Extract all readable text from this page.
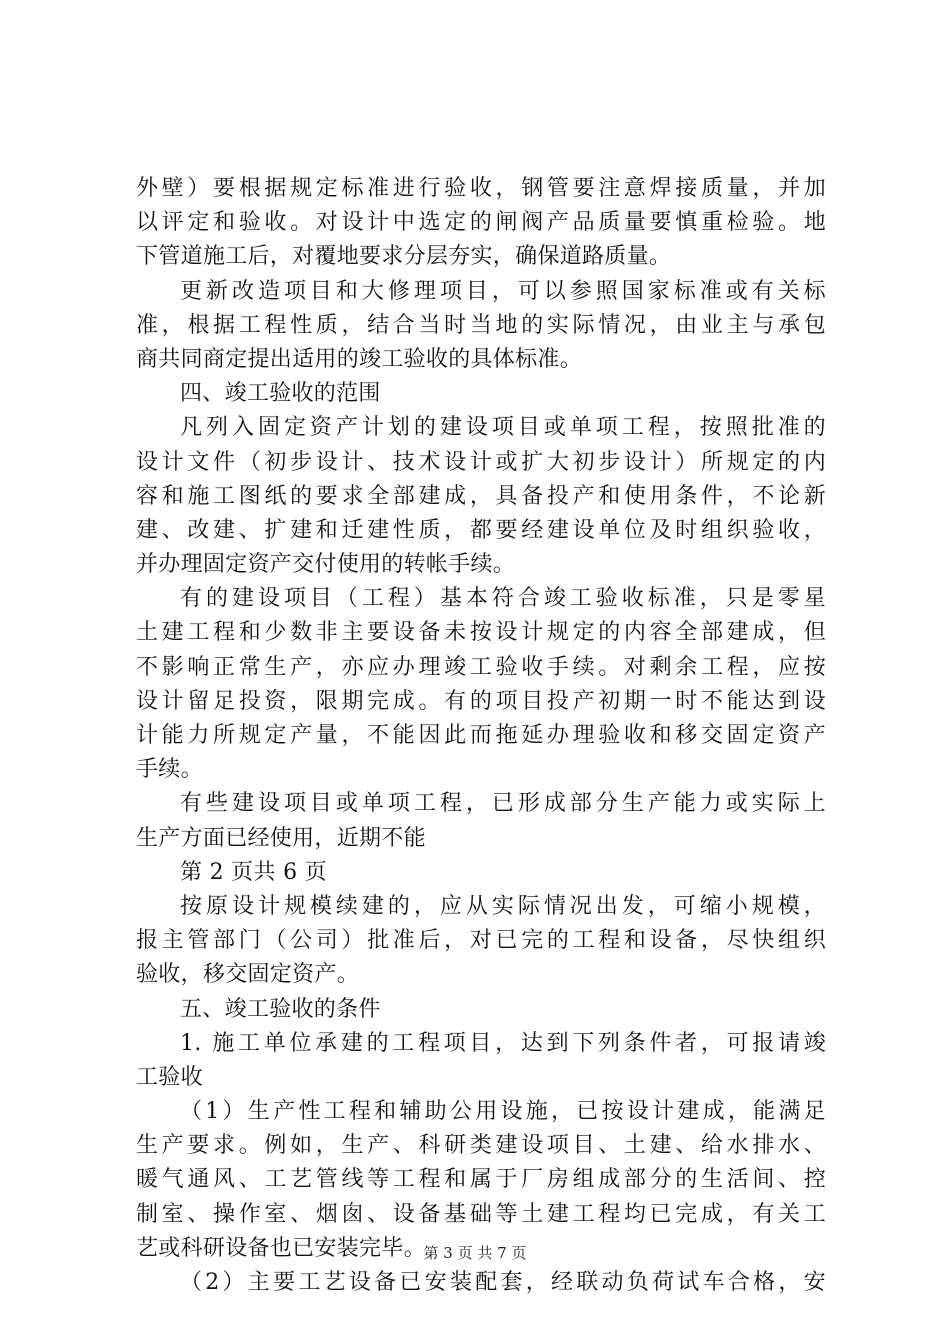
外壁）要根据规定标准进行验收，钢管要注意焊接质量，并加
以评定和验收。对设计中选定的闸阀产品质量要慎重检验。地
下管道施工后，对覆地要求分层夯实，确保道路质量。
更新改造项目和大修理项目，可以参照国家标准或有关标
准，根据工程性质，结合当时当地的实际情况，由业主与承包
商共同商定提出适用的竣工验收的具体标准。
四、竣工验收的范围
凡列入固定资产计划的建设项目或单项工程，按照批准的
设计文件（初步设计、技术设计或扩大初步设计）所规定的内
容和施工图纸的要求全部建成，具备投产和使用条件，不论新
建、改建、扩建和迁建性质，都要经建设单位及时组织验收，
并办理固定资产交付使用的转帐手续。
有的建设项目（工程）基本符合竣工验收标准，只是零星
土建工程和少数非主要设备未按设计规定的内容全部建成，但
不影响正常生产，亦应办理竣工验收手续。对剩余工程，应按
设计留足投资，限期完成。有的项目投产初期一时不能达到设
计能力所规定产量，不能因此而拖延办理验收和移交固定资产
手续。
有些建设项目或单项工程，已形成部分生产能力或实际上
生产方面已经使用，近期不能
第 2 页共 6 页
按原设计规模续建的，应从实际情况出发，可缩小规模，
报主管部门（公司）批准后，对已完的工程和设备，尽快组织
验收，移交固定资产。
五、竣工验收的条件
1. 施工单位承建的工程项目，达到下列条件者，可报请竣
工验收
（1）生产性工程和辅助公用设施，已按设计建成，能满足
生产要求。例如，生产、科研类建设项目、土建、给水排水、
暖气通风、工艺管线等工程和属于厂房组成部分的生活间、控
制室、操作室、烟囱、设备基础等土建工程均已完成，有关工
艺或科研设备也已安装完毕。
（2）主要工艺设备已安装配套，经联动负荷试车合格，安
第 3 页 共 7 页
